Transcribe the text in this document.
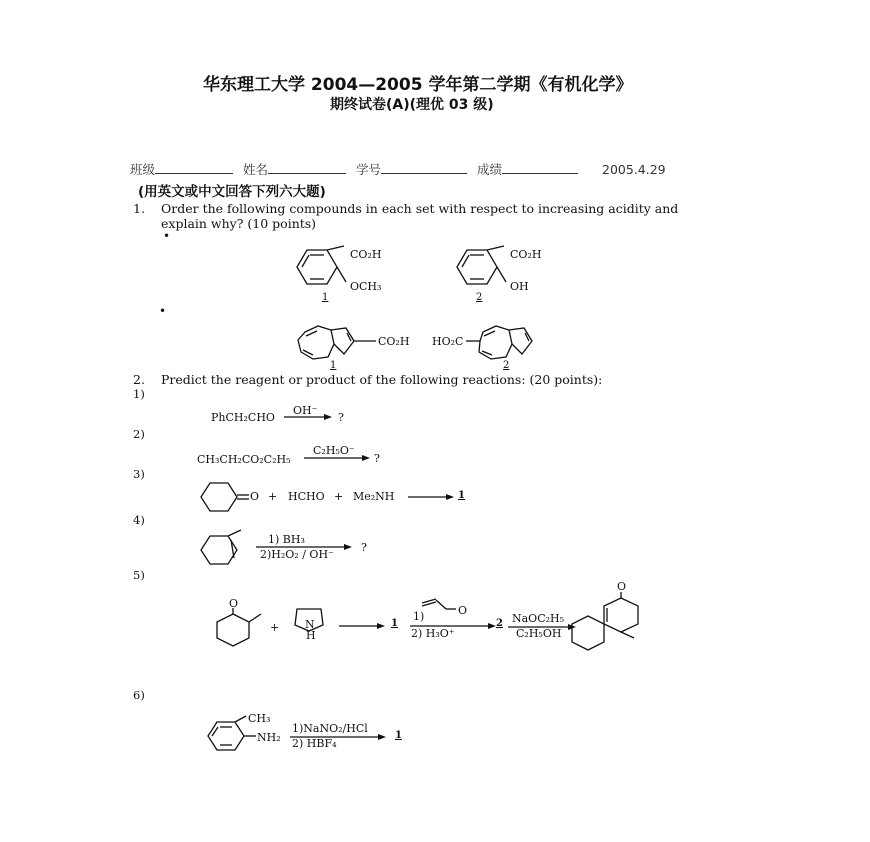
华东理工大学 2004—2005 学年第二学期《有机化学》
期终试卷(A)(理优 03 级)
班级	姓名	学号	成绩	2005.4.29
(用英文或中文回答下列六大题)
1. Order the following compounds in each set with respect to increasing acidity and
explain why? (10 points)
•
CO₂H
OCH₃
1
CO₂H
OH
2
•
CO₂H
1
HO₂C
2
2. Predict the reagent or product of the following reactions: (20 points):
1)
PhCH₂CHO
OH⁻
?
2)
CH₃CH₂CO₂C₂H₅
C₂H₅O⁻
?
3)
O + HCHO + Me₂NH	1
4)
1) BH₃
2)H₂O₂ / OH⁻
?
5)
O
+ N
H
1
1)	O
2) H₃O⁺
2 NaOC₂H₅
C₂H₅OH
O
6)
CH₃
NH₂
1)NaNO₂/HCl
2) HBF₄
1
